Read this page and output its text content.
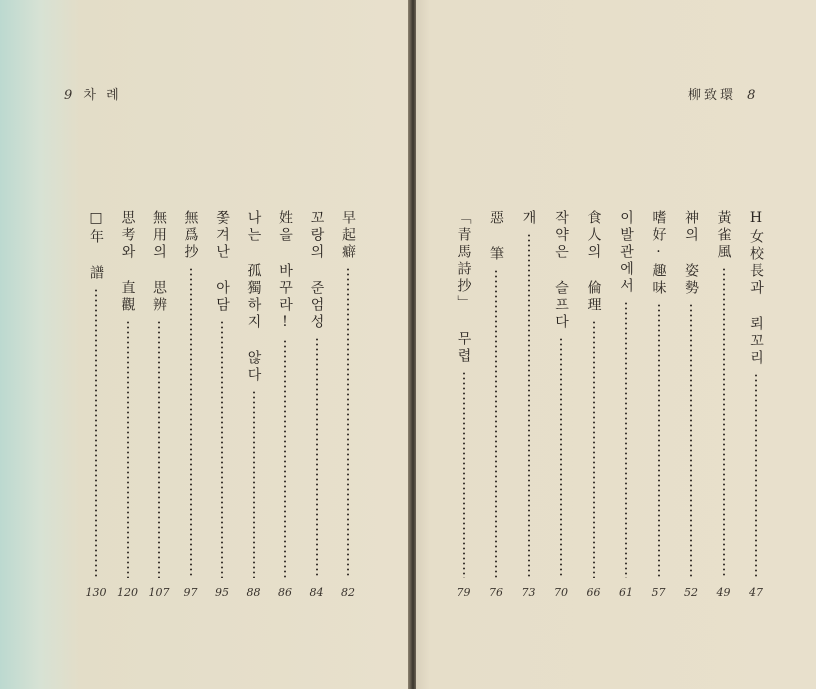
9 차 례
早起癖
82
꼬랑의 준엄성
84
姓을 바꾸라!
86
나는 孤獨하지 않다
88
쫓겨난 아담
95
無爲抄
97
無用의 思辨
107
思考와 直觀
120
□年 譜
130
柳致環 8
H女校長과 뢰꼬리
47
黃雀風
49
神의 姿勢
52
嗜好·趣味
57
이발관에서
61
食人의 倫理
66
작약은 슬프다
70
개
73
惡 筆
76
「青馬詩抄」 무렵
79
